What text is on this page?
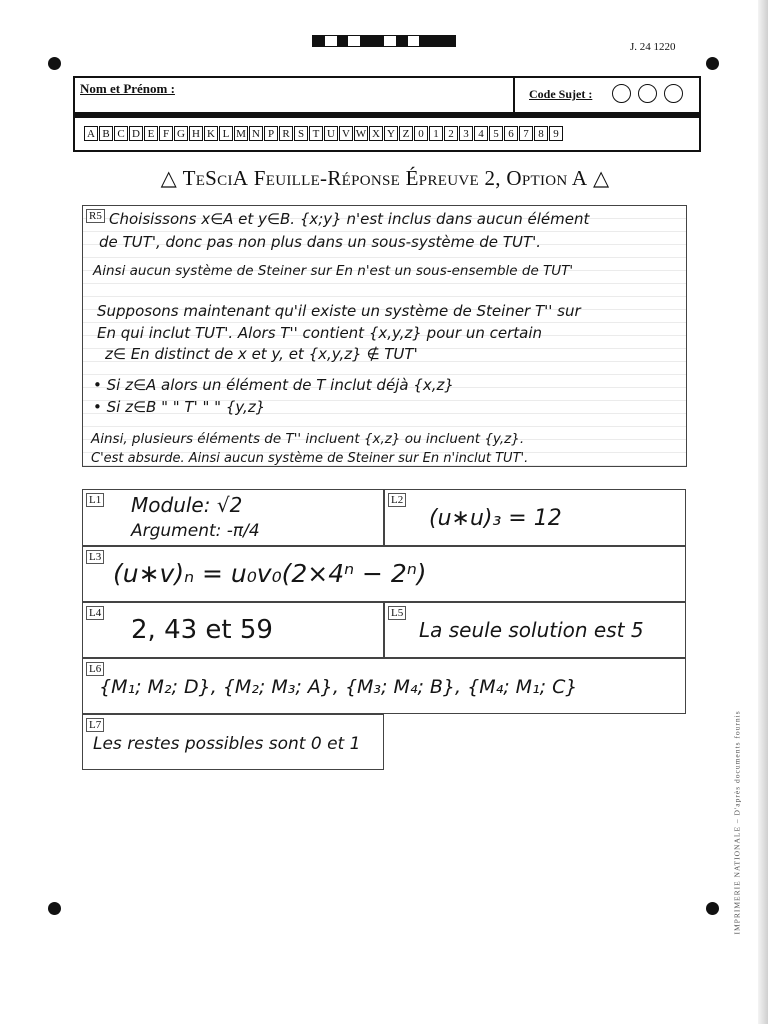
J. 24 1220
Nom et Prénom :	Code Sujet :

A B C D E F G H K L M N P R S T U V W X Y Z 0 1 2 3 4 5 6 7 8 9
△ TeSciA Feuille-Réponse Épreuve 2, Option A △
R5 Choisissons x∈A et y∈B. {x;y} n'est inclus dans aucun élément
de TUT', donc pas non plus dans un sous-système de TUT'.
Ainsi aucun système de Steiner sur En n'est un sous-ensemble de TUT'
Supposons maintenant qu'il existe un système de Steiner T'' sur
En qui inclut TUT'. Alors T'' contient {x,y,z} pour un certain
z∈ En distinct de x et y, et {x,y,z} ∉ TUT'
• Si z∈A alors un élément de T inclut déjà {x,z}
• Si z∈B " " T' " " {y,z}
Ainsi, plusieurs éléments de T'' incluent {x,z} ou incluent {y,z}.
C'est absurde. Ainsi aucun système de Steiner sur En n'inclut TUT'.
L1 Module: √2
Argument: -π/4
L2
(u∗u)₃ = 12
L3
(u∗v)ₙ = u₀v₀(2×4ⁿ − 2ⁿ)
L4
2, 43 et 59
L5
La seule solution est 5
L6
{M₁; M₂; D}, {M₂; M₃; A}, {M₃; M₄; B}, {M₄; M₁; C}
L7
Les restes possibles sont 0 et 1	IMPRIMERIE NATIONALE – D'après documents fournis
